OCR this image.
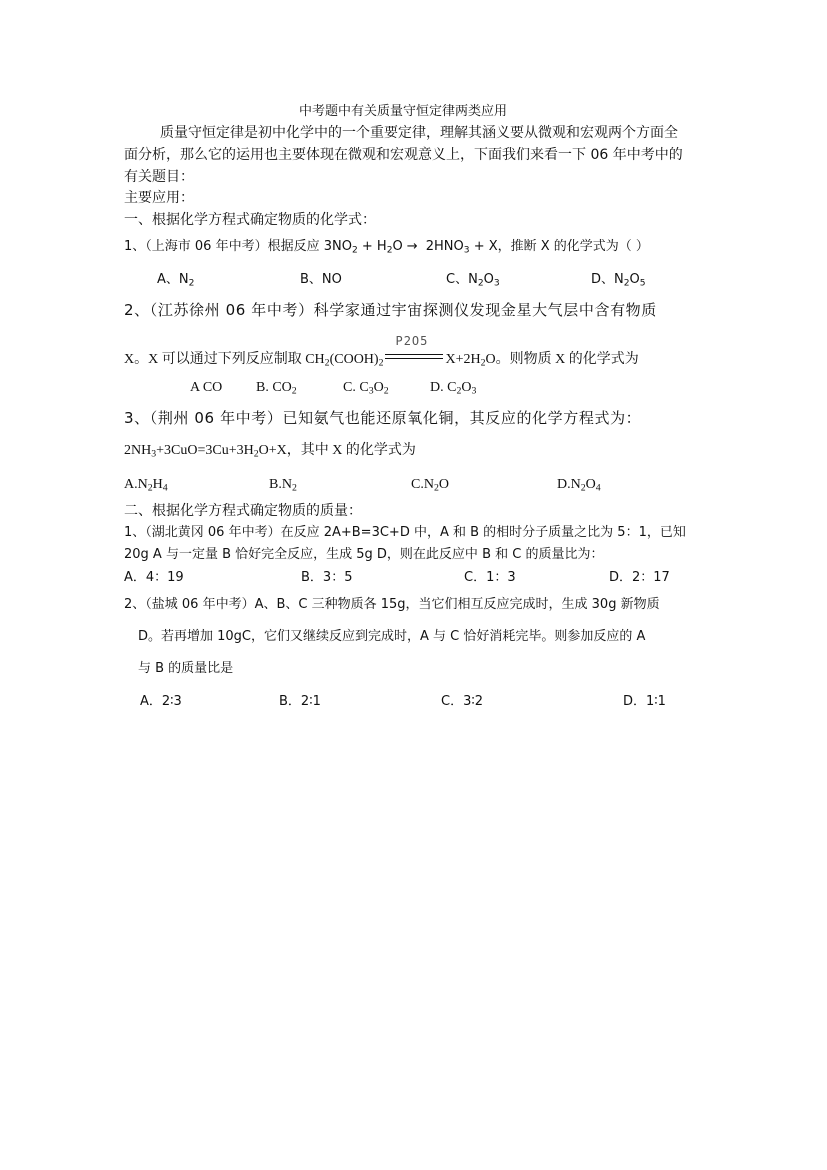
中考题中有关质量守恒定律两类应用
质量守恒定律是初中化学中的一个重要定律，理解其涵义要从微观和宏观两个方面全
面分析，那么它的运用也主要体现在微观和宏观意义上，下面我们来看一下 06 年中考中的
有关题目：
主要应用：
一、根据化学方程式确定物质的化学式：
1、（上海市 06 年中考）根据反应 $3NO_2 + H_2O \to 2HNO_3 + X$，推断 X 的化学式为（ ）
A、$N_2$	B、NO	C、$N_2O_3$	D、$N_2O_5$
2、（江苏徐州 06 年中考）科学家通过宇宙探测仪发现金星大气层中含有物质
X。X 可以通过下列反应制取 $CH_2(COOH)_2$
P2O5
$X+2H_2O$。则物质 X 的化学式为
A CO B. $CO_2$	C. $C_3O_2$	D. $C_2O_3$
3、（荆州 06 年中考）已知氨气也能还原氧化铜，其反应的化学方程式为：
$2NH_3+3CuO=3Cu+3H_2O+X$，其中 X 的化学式为
$A.N_2H_4$	$B.N_2$	$C.N_2O$	$D.N_2O_4$
二、根据化学方程式确定物质的质量：
1、（湖北黄冈 06 年中考）在反应 2A+B=3C+D 中，A 和 B 的相时分子质量之比为 5：1，已知
20g A 与一定量 B 恰好完全反应，生成 5g D，则在此反应中 B 和 C 的质量比为：
A．4：19	B．3：5	C．1：3	D．2：17
2、（盐城 06 年中考）A、B、C 三种物质各 15g，当它们相互反应完成时，生成 30g 新物质
D。若再增加 10gC，它们又继续反应到完成时，A 与 C 恰好消耗完毕。则参加反应的 A
与 B 的质量比是
A．2∶3	B．2∶1	C．3∶2	D．1∶1
